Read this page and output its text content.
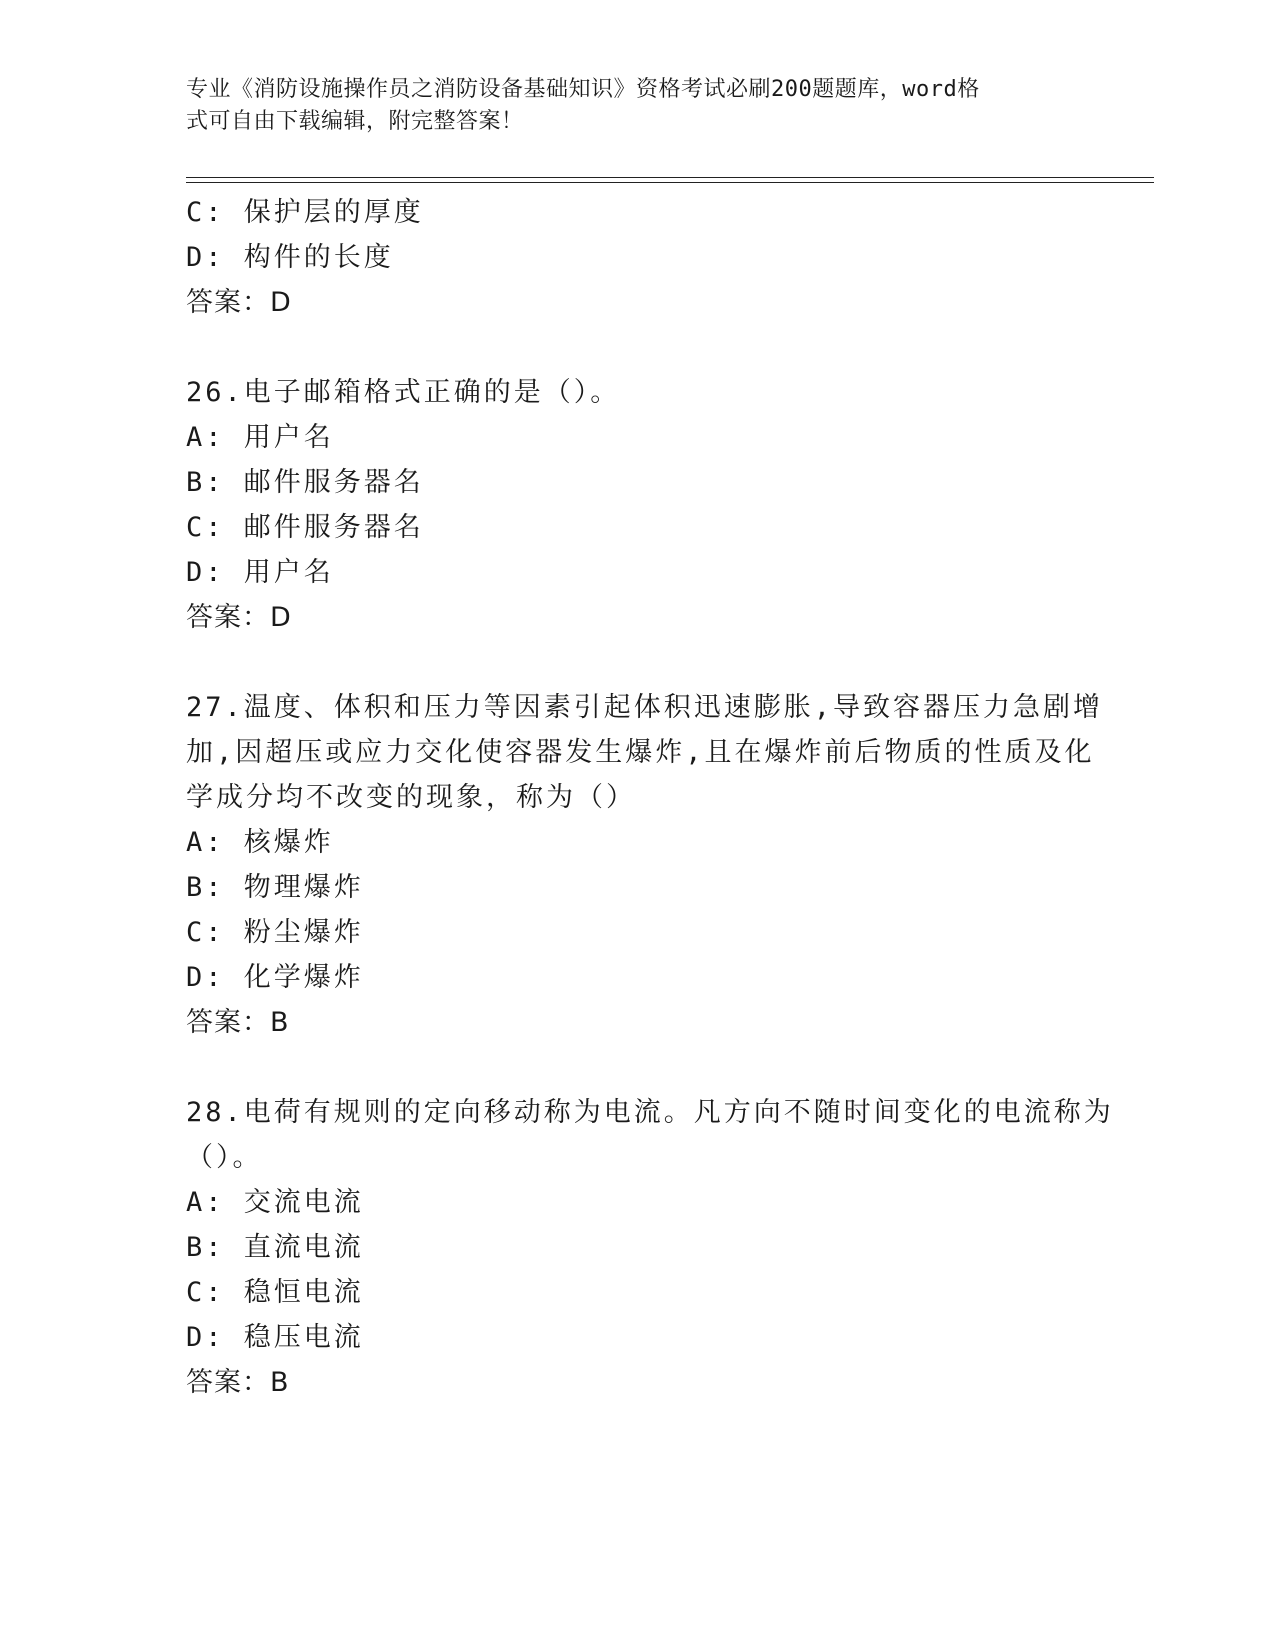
专业《消防设施操作员之消防设备基础知识》资格考试必刷200题题库，word格
式可自由下载编辑，附完整答案！
C: 保护层的厚度
D: 构件的长度
答案：D
26.电子邮箱格式正确的是（）。
A: 用户名
B: 邮件服务器名
C: 邮件服务器名
D: 用户名
答案：D
27.温度、体积和压力等因素引起体积迅速膨胀,导致容器压力急剧增
加,因超压或应力交化使容器发生爆炸,且在爆炸前后物质的性质及化
学成分均不改变的现象，称为（）
A: 核爆炸
B: 物理爆炸
C: 粉尘爆炸
D: 化学爆炸
答案：B
28.电荷有规则的定向移动称为电流。凡方向不随时间变化的电流称为
（）。
A: 交流电流
B: 直流电流
C: 稳恒电流
D: 稳压电流
答案：B
